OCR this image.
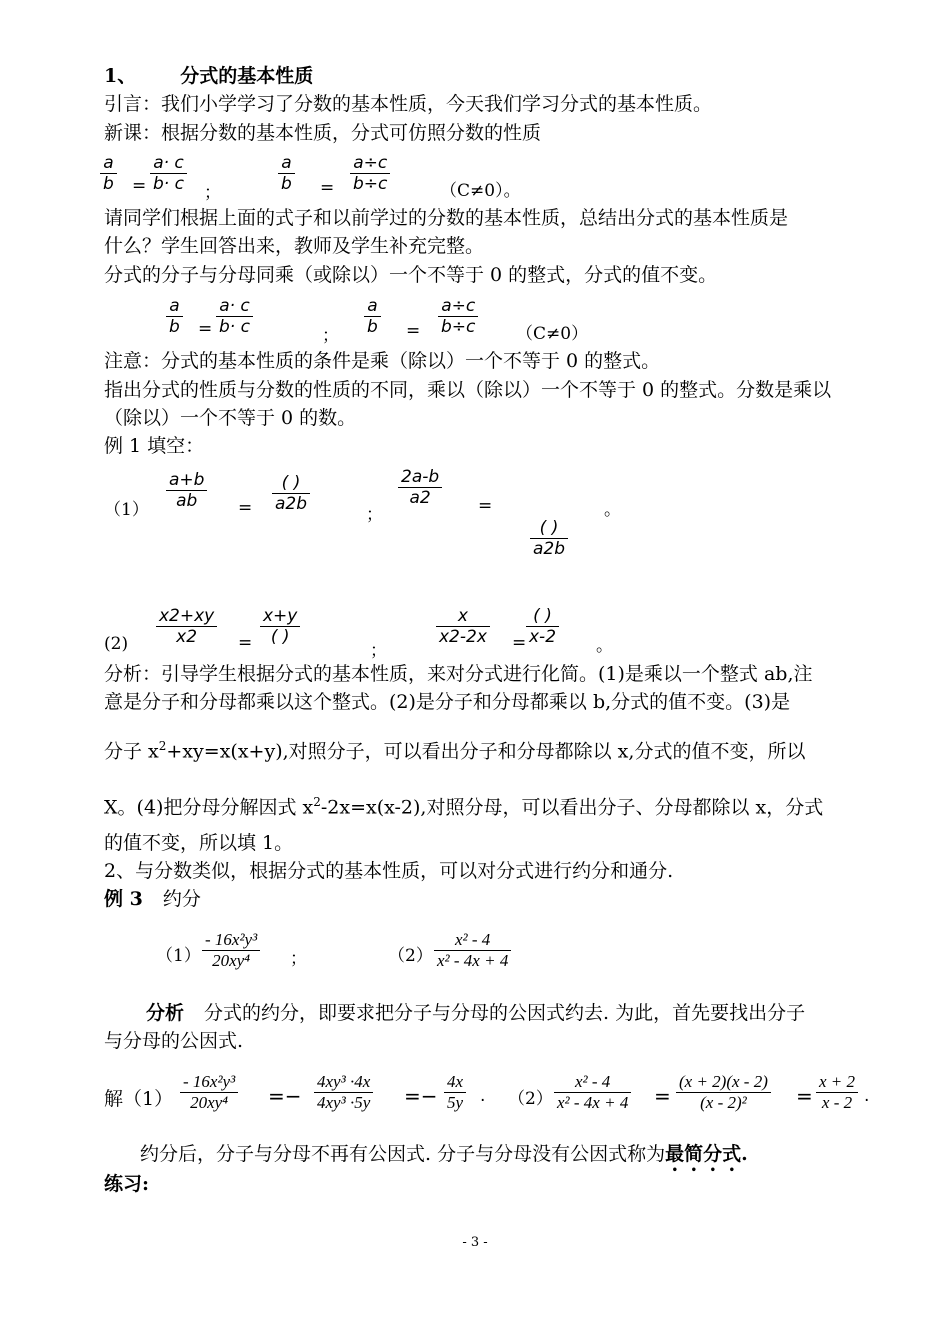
1、 分式的基本性质
引言：我们小学学习了分数的基本性质，今天我们学习分式的基本性质。
新课：根据分数的基本性质，分式可仿照分数的性质
$\frac{a}{b} = \frac{a\cdot c}{b\cdot c}$ ；	$\frac{a}{b} = \frac{a\div c}{b\div c}$	（C≠0）。
请同学们根据上面的式子和以前学过的分数的基本性质，总结出分式的基本性质是
什么？学生回答出来，教师及学生补充完整。
分式的分子与分母同乘（或除以）一个不等于 0 的整式，分式的值不变。
$\frac{a}{b} = \frac{a\cdot c}{b\cdot c}$	； $\frac{a}{b} = \frac{a\div c}{b\div c} (C\ne 0)$
注意：分式的基本性质的条件是乘（除以）一个不等于 0 的整式。
指出分式的性质与分数的性质的不同，乘以（除以）一个不等于 0 的整式。分数是乘以
（除以）一个不等于 0 的数。
例 1 填空：
$(1) \frac{a+b}{ab}$ =
( )
a2b
；
$\frac{2a-b}{a2}$ =
( )
a2b
。
$(2) \frac{x2+xy}{x2}$ =
x+y
( )
；
$\frac{x}{x2-2x}$ =
( )
x-2 。
分析：引导学生根据分式的基本性质，来对分式进行化简。(1)是乘以一个整式 ab,注
意是分子和分母都乘以这个整式。(2)是分子和分母都乘以 b,分式的值不变。(3)是
分子 $x^2+xy=x(x+y)$,对照分子，可以看出分子和分母都除以 x,分式的值不变，所以
X。(4)把分母分解因式 $x^2-2x=x(x-2)$,对照分母，可以看出分子、分母都除以 x，分式
的值不变，所以填 1。
2、与分数类似，根据分式的基本性质，可以对分式进行约分和通分.
例 3 约分
$(1) \frac{\text{- 16x²y³}}{\text{20xy⁴}}$ ；	$(2) \frac{\text{x² - 4}}{\text{x² - 4x + 4}}$
分析 分式的约分，即要求把分子与分母的公因式约去. 为此，首先要找出分子
与分母的公因式.
解$(1) \frac{\text{- 16x²y³}}{\text{20xy⁴}} =- \frac{\text{4xy³ ·4x}}{\text{4xy³ ·5y}} =- \frac{4x}{5y}$ . $(2) \frac{\text{x² - 4}}{\text{x² - 4x + 4}} = \frac{(x + 2)(x - 2)}{\text{(x - 2)²}} = \frac{x + 2}{x - 2}$ .
约分后，分子与分母不再有公因式. 分子与分母没有公因式称为最简分式.
练习:
- 3 -
